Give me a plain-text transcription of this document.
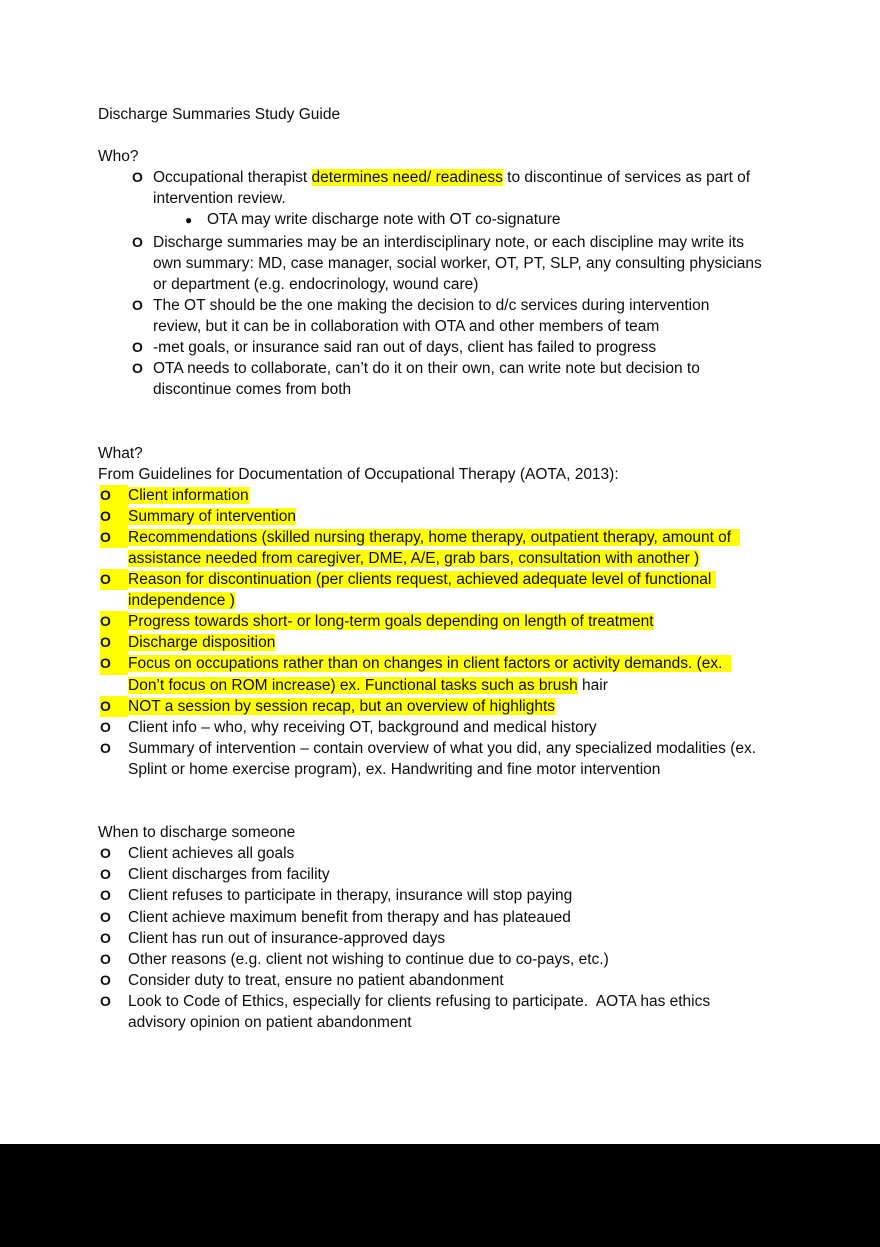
Discharge Summaries Study Guide

Who?

O Occupational therapist determines need/ readiness to discontinue of services as part of
intervention review.
● OTA may write discharge note with OT co-signature
O Discharge summaries may be an interdisciplinary note, or each discipline may write its
own summary: MD, case manager, social worker, OT, PT, SLP, any consulting physicians
or department (e.g. endocrinology, wound care)
O The OT should be the one making the decision to d/c services during intervention
review, but it can be in collaboration with OTA and other members of team
O -met goals, or insurance said ran out of days, client has failed to progress
O OTA needs to collaborate, can’t do it on their own, can write note but decision to
discontinue comes from both

What?

From Guidelines for Documentation of Occupational Therapy (AOTA, 2013):

O Client information
O Summary of intervention
O Recommendations (skilled nursing therapy, home therapy, outpatient therapy, amount of
assistance needed from caregiver, DME, A/E, grab bars, consultation with another )
O Reason for discontinuation (per clients request, achieved adequate level of functional
independence )
O Progress towards short- or long-term goals depending on length of treatment
O Discharge disposition
O Focus on occupations rather than on changes in client factors or activity demands. (ex.
Don’t focus on ROM increase) ex. Functional tasks such as brush hair
O NOT a session by session recap, but an overview of highlights
O Client info – who, why receiving OT, background and medical history
O Summary of intervention – contain overview of what you did, any specialized modalities (ex.
Splint or home exercise program), ex. Handwriting and fine motor intervention

When to discharge someone

O Client achieves all goals
O Client discharges from facility
O Client refuses to participate in therapy, insurance will stop paying
O Client achieve maximum benefit from therapy and has plateaued
O Client has run out of insurance-approved days
O Other reasons (e.g. client not wishing to continue due to co-pays, etc.)
O Consider duty to treat, ensure no patient abandonment
O Look to Code of Ethics, especially for clients refusing to participate.  AOTA has ethics
advisory opinion on patient abandonment
